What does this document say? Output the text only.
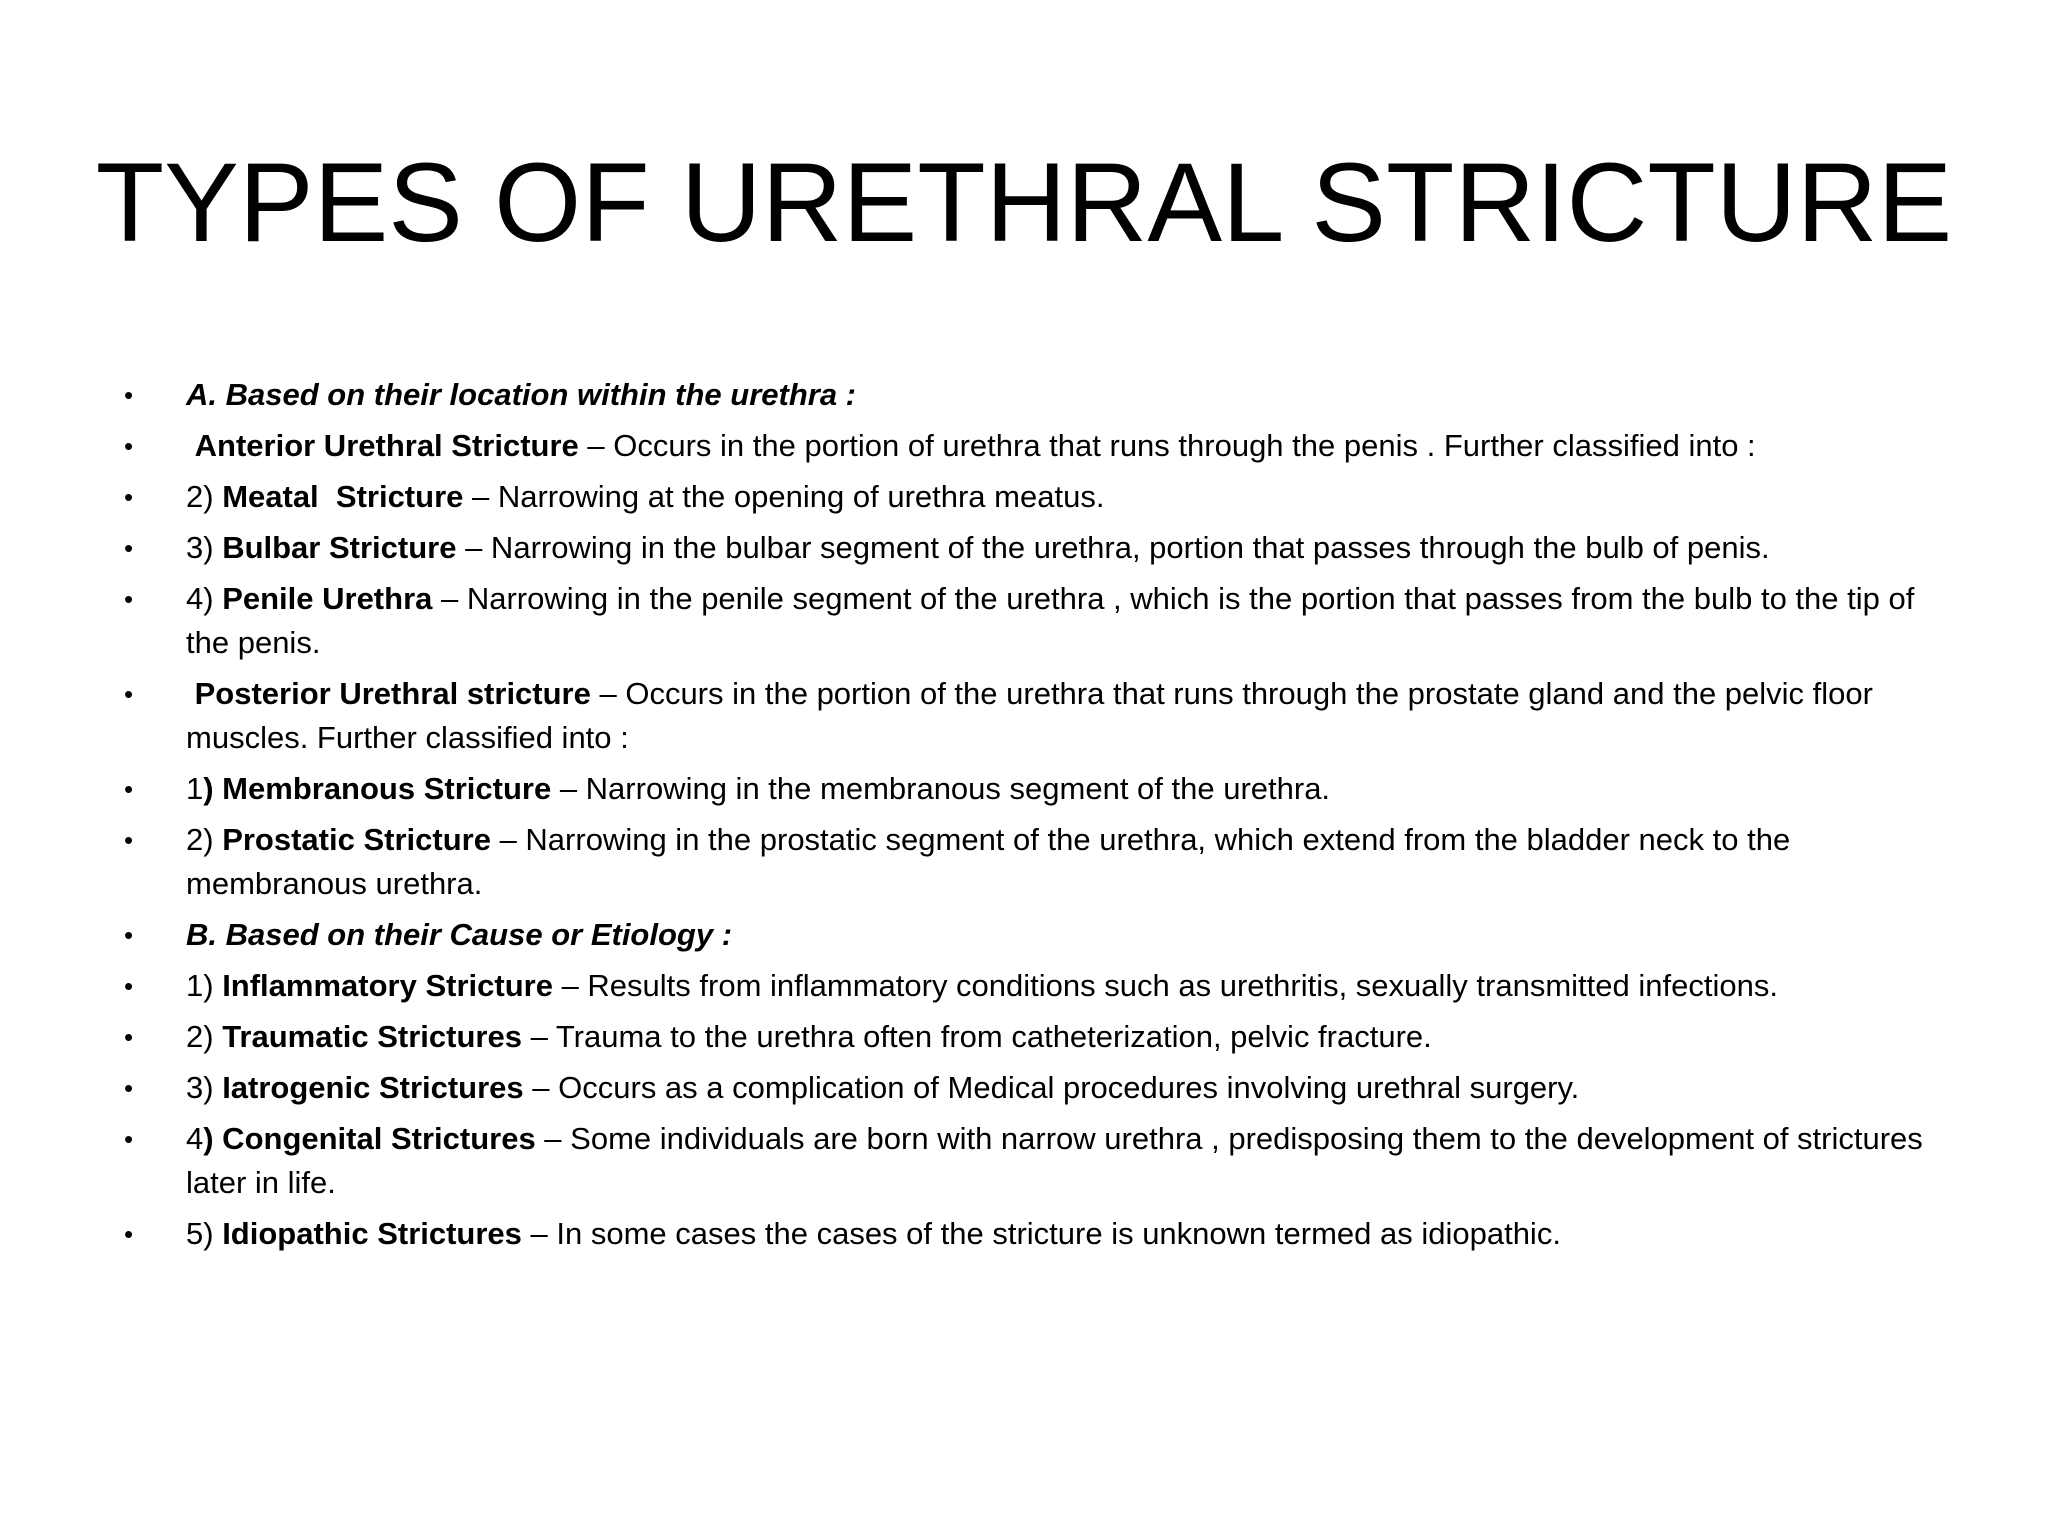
TYPES OF URETHRAL STRICTURE
•	A. Based on their location within the urethra :
•	Anterior Urethral Stricture – Occurs in the portion of urethra that runs through the penis . Further classified into :
•	2) Meatal  Stricture – Narrowing at the opening of urethra meatus.
•	3) Bulbar Stricture – Narrowing in the bulbar segment of the urethra, portion that passes through the bulb of penis.
•	4) Penile Urethra – Narrowing in the penile segment of the urethra , which is the portion that passes from the bulb to the tip of the penis.
•	Posterior Urethral stricture – Occurs in the portion of the urethra that runs through the prostate gland and the pelvic floor muscles. Further classified into :
•	1) Membranous Stricture – Narrowing in the membranous segment of the urethra.
•	2) Prostatic Stricture – Narrowing in the prostatic segment of the urethra, which extend from the bladder neck to the membranous urethra.
•	B. Based on their Cause or Etiology :
•	1) Inflammatory Stricture – Results from inflammatory conditions such as urethritis, sexually transmitted infections.
•	2) Traumatic Strictures – Trauma to the urethra often from catheterization, pelvic fracture.
•	3) Iatrogenic Strictures – Occurs as a complication of Medical procedures involving urethral surgery.
•	4) Congenital Strictures – Some individuals are born with narrow urethra , predisposing them to the development of strictures later in life.
•	5) Idiopathic Strictures – In some cases the cases of the stricture is unknown termed as idiopathic.
